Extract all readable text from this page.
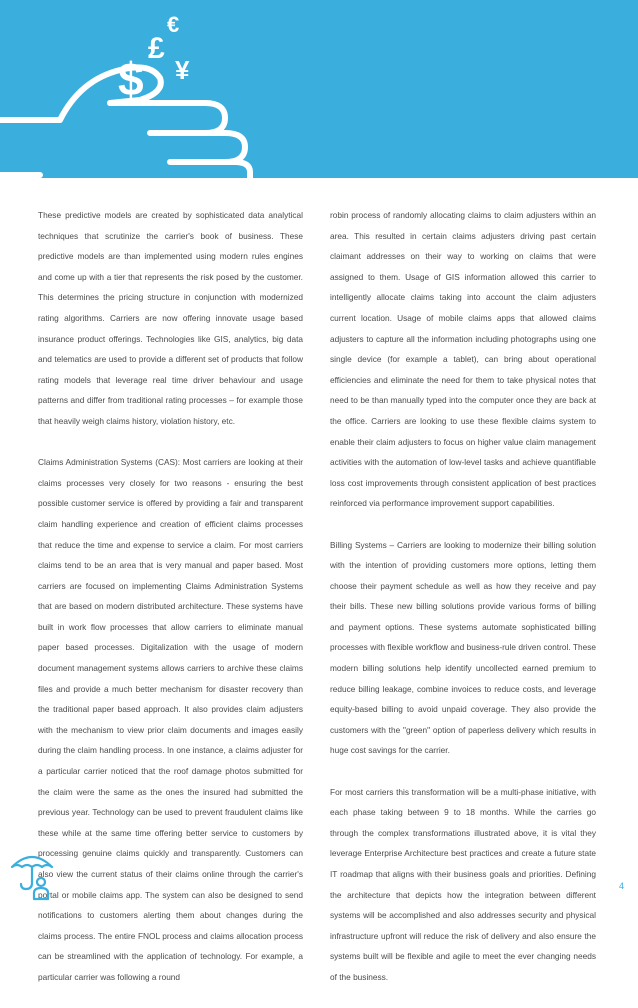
$
£
€
¥

These predictive models are created by sophisticated data analytical techniques that scrutinize the carrier's book of business. These predictive models are than implemented using modern rules engines and come up with a tier that represents the risk posed by the customer. This determines the pricing structure in conjunction with modernized rating algorithms. Carriers are now offering innovate usage based insurance product offerings. Technologies like GIS, analytics, big data and telematics are used to provide a different set of products that follow rating models that leverage real time driver behaviour and usage patterns and differ from traditional rating processes – for example those that heavily weigh claims history, violation history, etc.

Claims Administration Systems (CAS): Most carriers are looking at their claims processes very closely for two reasons - ensuring the best possible customer service is offered by providing a fair and transparent claim handling experience and creation of efficient claims processes that reduce the time and expense to service a claim. For most carriers claims tend to be an area that is very manual and paper based. Most carriers are focused on implementing Claims Administration Systems that are based on modern distributed architecture. These systems have built in work flow processes that allow carriers to eliminate manual paper based processes. Digitalization with the usage of modern document management systems allows carriers to archive these claims files and provide a much better mechanism for disaster recovery than the traditional paper based approach. It also provides claim adjusters with the mechanism to view prior claim documents and images easily during the claim handling process. In one instance, a claims adjuster for a particular carrier noticed that the roof damage photos submitted for the claim were the same as the ones the insured had submitted the previous year. Technology can be used to prevent fraudulent claims like these while at the same time offering better service to customers by processing genuine claims quickly and transparently. Customers can also view the current status of their claims online through the carrier's portal or mobile claims app. The system can also be designed to send notifications to customers alerting them about changes during the claims process. The entire FNOL process and claims allocation process can be streamlined with the application of technology. For example, a particular carrier was following a round

robin process of randomly allocating claims to claim adjusters within an area. This resulted in certain claims adjusters driving past certain claimant addresses on their way to working on claims that were assigned to them. Usage of GIS information allowed this carrier to intelligently allocate claims taking into account the claim adjusters current location. Usage of mobile claims apps that allowed claims adjusters to capture all the information including photographs using one single device (for example a tablet), can bring about operational efficiencies and eliminate the need for them to take physical notes that need to be than manually typed into the computer once they are back at the office. Carriers are looking to use these flexible claims system to enable their claim adjusters to focus on higher value claim management activities with the automation of low-level tasks and achieve quantifiable loss cost improvements through consistent application of best practices reinforced via performance improvement support capabilities.

Billing Systems – Carriers are looking to modernize their billing solution with the intention of providing customers more options, letting them choose their payment schedule as well as how they receive and pay their bills. These new billing solutions provide various forms of billing and payment options. These systems automate sophisticated billing processes with flexible workflow and business-rule driven control. These modern billing solutions help identify uncollected earned premium to reduce billing leakage, combine invoices to reduce costs, and leverage equity-based billing to avoid unpaid coverage. They also provide the customers with the "green" option of paperless delivery which results in huge cost savings for the carrier.

For most carriers this transformation will be a multi-phase initiative, with each phase taking between 9 to 18 months. While the carries go through the complex transformations illustrated above, it is vital they leverage Enterprise Architecture best practices and create a future state IT roadmap that aligns with their business goals and priorities. Defining the architecture that depicts how the integration between different systems will be accomplished and also addresses security and physical infrastructure upfront will reduce the risk of delivery and also ensure the systems built will be flexible and agile to meet the ever changing needs of the business.

4
